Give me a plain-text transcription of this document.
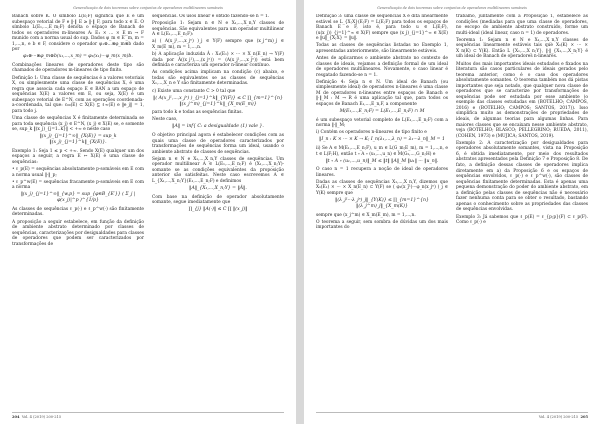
Generalização de dois teoremas sobre conjuntos de operadores multilineares somáveis

Banach sobre K. O símbolo L(E;F) significa que E é um subespaço vetorial de F e ‖·‖_E ≥ ‖·‖_F, para todo x ∈ E. O símbolo L(E₁,...,E_m;F) denota o espaço de Banach de todos os operadores m-lineares A: E₁ × ... × E_m → F munido com a norma usual do sup. Dados φ_m ∈ E′_m, m = 1,...,n, e b ∈ F, considere o operador φ₁⊗...⊗φ_m⊗b dado por

φ₁⊗···⊗φ_m⊗b(x₁,...,x_m) = φ₁(x₁)···φ_m(x_m)b.

Combinações lineares de operadores deste tipo são chamados de operadores m-lineares de tipo finito.

Definição 1: Uma classe de sequências é a valores vetoriais X, ou simplesmente uma classe de sequências X, é uma regra que associa cada espaço E ∈ BAN a um espaço de sequências X(E) a valores em E, ou seja, X(E) é um subespaço vetorial de E^N, com as operações coordenada-a-coordenada, tal que: c₀₀(E) ⊂ X(E) ⊆ ℓ∞(E) e ‖e_j‖ = 1, para todo j.

Uma classe de sequências X é finitamente determinada se para toda sequência (x_j) ∈ E^N, (x_j) ∈ X(E) se, e somente se, sup_k ‖(x_j)_{j=1..k}‖ < +∞ e neste caso

‖(x_j)_{j=1}^∞‖_{X(E)} = sup_k ‖(x_j)_{j=1}^k‖_{X(E)}.

Exemplo 1: Seja 1 ≤ p < +∞. Sendo X(E) qualquer um dos espaços a seguir, a regra E ↦ X(E) é uma classe de sequências:

• ℓ_p(E) = sequências absolutamente p-somáveis em E com a norma usual ‖·‖_p;

• ℓ_p^w(E) = sequências fracamente p-somáveis em E com a norma

‖(x_j)_{j=1}^∞‖_{w,p} = sup_{φ∈B_{E′}} ( Σ_j |φ(x_j)|^p )^{1/p}

As classes de sequências ℓ_p(·) e ℓ_p^w(·) são finitamente determinadas.

A proposição a seguir estabelece, em função da definição de ambiente abstrato determinado por classes de sequências, caracterizações por desigualdades para classes de operadores que podem ser caracterizados por transformações de

sequências. Os usos linear é obtido fazendo-se n = 1.

Proposição 1: Sejam n ∈ N e X₁,...,X_n,Y classes de sequências. São equivalentes para um operador multilinear A ∈ L(E₁,...,E_n;F):

a) ( A(x_j¹,...,x_jⁿ) )_j ∈ Y(F) sempre que (x_j^m)_j ∈ X_m(E_m), m = 1,...,n.

b) A aplicação induzida Â : X₁(E₁) × ··· × X_n(E_n) → Y(F) dada por Â((x_j¹),...,(x_jⁿ)) = (A(x_j¹,...,x_jⁿ)) está bem definida e caracteriza um operador n-linear contínuo.

As condições acima implicam na condição (c) abaixo, e todas são equivalentes se as classes de sequências X₁,...,X_n e Y são finitamente determinadas.

c) Existe uma constante C > 0 tal que

‖( A(x_j¹,...,x_jⁿ) )_{j=1}^k‖_{Y(F)} ≤ C ∏_{m=1}^{n} ‖(x_j^m)_{j=1}^k‖_{X_m(E_m)}

para todo k e todas as sequências finitas.

Neste caso,

‖A‖ = inf{ C: a desigualdade (1) vale }.

O objetivo principal agora é estabelecer condições com as quais uma classe de operadores caracterizados por transformações de sequências forma um ideal, usando o ambiente abstrato de classes de sequências.

Sejam n ∈ N e X₁,...,X_n,Y classes de sequências. Um operador multilinear A ∈ L(E₁,...,E_n;F) é (X₁,...,X_n;Y)-somante se as condições equivalentes da proposição anterior são satisfeitas. Neste caso escrevemos A ∈ L_{X₁,...,X_n;Y}(E₁,...,E_n;F) e definimos

‖A‖_{X₁,...,X_n;Y} = ‖Â‖.

Com base na definição de operador absolutamente somante, segue imediatamente que

∏_{j} ‖A(·)‖ ≤ C ∏ ‖(x_j)‖
204 Vol. 4 (2019) 200-215
Generalização de dois teoremas sobre conjuntos de operadores multilineares somáveis

Definição 3: uma classe de sequências X é dita linearmente estável se L_{X;X}(E;F) = L(E;F) para todos os espaços de Banach E e F, isto é, para todo u ∈ L(E;F), (u(x_j))_{j=1}^∞ ∈ X(F) sempre que (x_j)_{j=1}^∞ ∈ X(E) e ‖u‖_{X;X} = ‖u‖.

Todas as classes de sequências listadas no Exemplo 1, apresentadas anteriormente, são linearmente estáveis.

Antes de aplicarmos o ambiente abstrato no contexto de classes de ideais, vejamos a definição formal de um ideal de operadores multilineares. Novamente, o caso linear é resgatado fazendo-se n = 1.

Definição 4: Seja n ∈ N. Um ideal de Banach (ou simplesmente ideal) de operadores n-lineares é uma classe M de operadores n-lineares entre espaços de Banach e ‖·‖_M : M → R é uma aplicação tal que, para todos os espaços de Banach E₁,...,E_n,F, a componente

M(E₁,...,E_n;F) = L(E₁,...,E_n;F) ∩ M

é um subespaço vetorial completo de L(E₁,...,E_n;F) com a norma ‖·‖_M;

i) Contém os operadores n-lineares de tipo finito e

‖I_n : K × ··· × K → K; I_n(λ₁,...,λ_n) = λ₁···λ_n‖_M = 1

ii) Se A ∈ M(E₁,...,E_n;F), u_m ∈ L(G_m;E_m), m = 1,...,n, e t ∈ L(F;H), então t ∘ A ∘ (u₁,...,u_n) ∈ M(G₁,...,G_n;H) e

‖t ∘ A ∘ (u₁,...,u_n)‖_M ≤ ‖t‖ ‖A‖_M ‖u₁‖ ··· ‖u_n‖.

O caso n = 1 recupera a noção de ideal de operadores lineares.

Dadas as classes de sequências X₁,...,X_n,Y, dizemos que X₁(E₁) × ··· × X_n(E_n) ⊂ Y(F) se ( φ₁(x_j¹)···φ_n(x_jⁿ) )_j ∈ Y(K) sempre que

‖(λ_j¹···λ_jⁿ)_j‖_{Y(K)} ≤ ∏_{m=1}^{n} ‖(λ_j^m)_j‖_{X_m(K)}

sempre que (x_j^m) ∈ X_m(E_m), m = 1,...,n.

O teorema a seguir, sem sombra de dúvidas um dos mais importantes do

trabalho, juntamente com a Proposição 1, estabelece as condições (mediadas para que uma classe de operadores, no escopo do ambiente abstrato construído, forme um multi-ideal (ideal linear, caso n = 1) de operadores.

Teorema 1: Sejam n ∈ N e X₁,...,X_n,Y classes de sequências linearmente estáveis tais que X₁(K) × ··· × X_n(K) ⊂ Y(K). Então L_{X₁,...,X_n;Y}, ‖·‖_{X₁,...,X_n;Y} é um ideal de Banach de operadores n-lineares.

Muitos dos mais importantes ideais estudados e fixados na literatura são casos particulares de ideais gerados pelo teorema anterior, como é o caso dos operadores absolutamente somantes. O teorema também nos dá pistas importantes que seja notado, que qualquer nova classe de operadores que se caracterize por transformações de sequências pode ser estudada por esse ambiente (o exemplo das classes estudadas em (BOTELHO; CAMPOS, 2016) e (BOTELHO; CAMPOS; SANTOS, 2017)). Isso simplifica muito as demonstrações de propriedades de ideais, de algumas teorias para algumas linhas. Para maiores classes que se encaixam nesse ambiente abstrato, veja (BOTELHO; BLASCO; PELLEGRINO; RUEDA, 2011), (COHEN, 1973) e (MUJICA; SANTOS, 2019).

Exemplo 2: A caracterização por desigualdades para operadores absolutamente somantes, vista na Proposição 6, é obtida imediatamente, por meio dos resultados abstratos apresentados pela Definição 7 e Proposição 8. De fato, a definição dessas classes de operadores implica diretamente em a) da Proposição 6 e os espaços de sequências envolvidos, ℓ_p(·) e ℓ_p^w(·), são classes de sequências finitamente determinadas. Esta é apenas uma pequena demonstração do poder do ambiente abstrato, em a definição pelas classes de sequências não é necessário fazer nenhuma conta para se obter o resultado, bastando apenas o conhecimento sobre as propriedades das classes de sequências envolvidas.

Exemplo 3: Já sabemos que ℓ_p(E) = ℓ_{p;p}(F) ⊂ ℓ_p(F). Como ℓ_p(·) e

Vol. 4 (2019) 200-215 205
